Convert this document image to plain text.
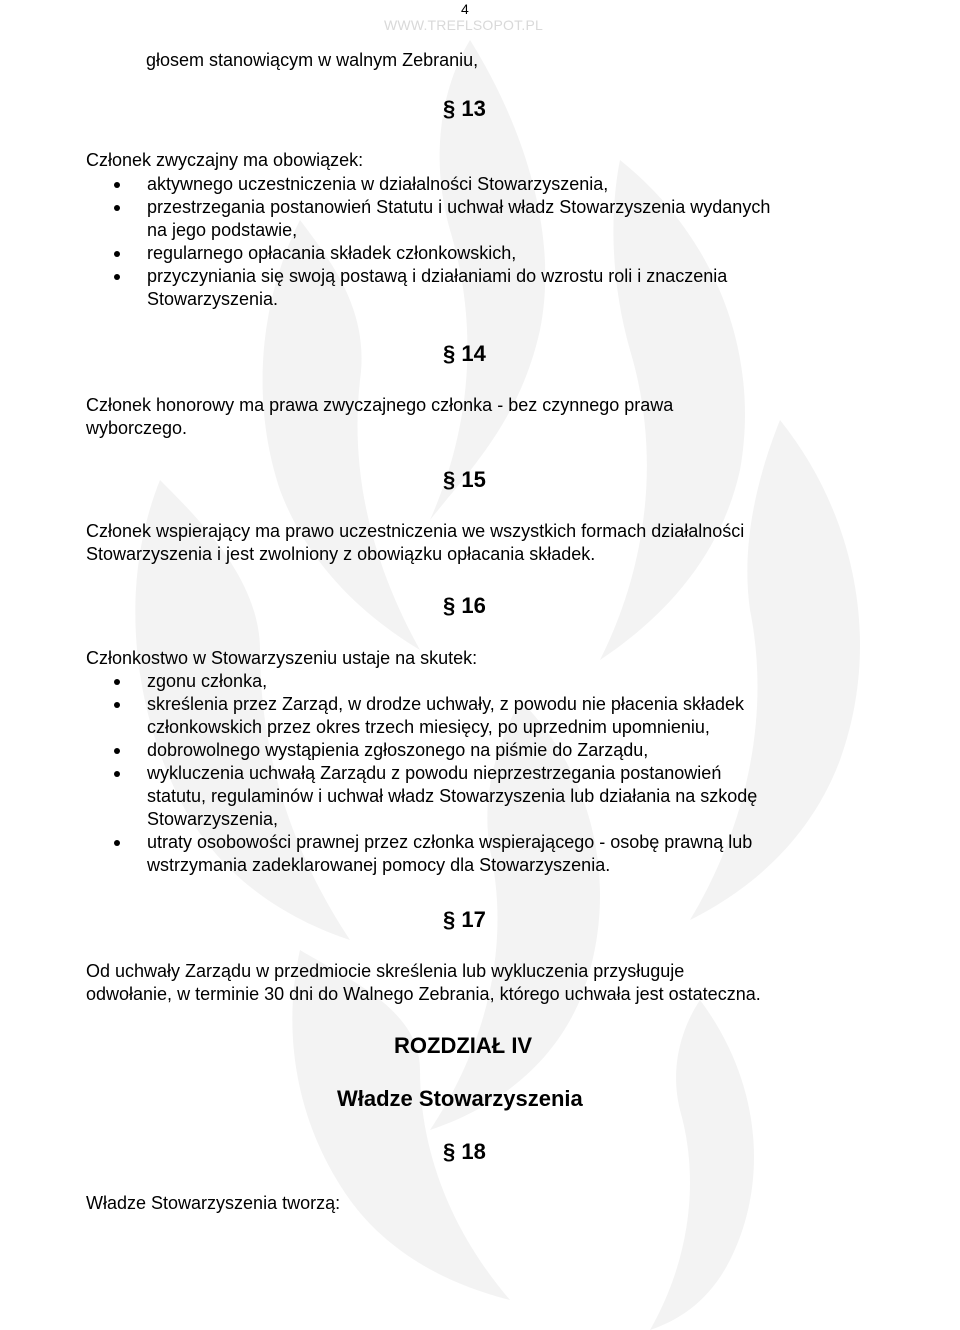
4
WWW.TREFLSOPOT.PL
głosem stanowiącym w walnym Zebraniu,
§ 13
Członek zwyczajny ma obowiązek:
aktywnego uczestniczenia w działalności Stowarzyszenia,
przestrzegania postanowień Statutu i uchwał władz Stowarzyszenia wydanych
na jego podstawie,
regularnego opłacania składek członkowskich,
przyczyniania się swoją postawą i działaniami do wzrostu roli i znaczenia
Stowarzyszenia.
§ 14
Członek honorowy ma prawa zwyczajnego członka - bez czynnego prawa
wyborczego.
§ 15
Członek wspierający ma prawo uczestniczenia we wszystkich formach działalności
Stowarzyszenia i jest zwolniony z obowiązku opłacania składek.
§ 16
Członkostwo w Stowarzyszeniu ustaje na skutek:
zgonu członka,
skreślenia przez Zarząd, w drodze uchwały, z powodu nie płacenia składek
członkowskich przez okres trzech miesięcy, po uprzednim upomnieniu,
dobrowolnego wystąpienia zgłoszonego na piśmie do Zarządu,
wykluczenia uchwałą Zarządu z powodu nieprzestrzegania postanowień
statutu, regulaminów i uchwał władz Stowarzyszenia lub działania na szkodę
Stowarzyszenia,
utraty osobowości prawnej przez członka wspierającego - osobę prawną lub
wstrzymania zadeklarowanej pomocy dla Stowarzyszenia.
§ 17
Od uchwały Zarządu w przedmiocie skreślenia lub wykluczenia przysługuje
odwołanie, w terminie 30 dni do Walnego Zebrania, którego uchwała jest ostateczna.
ROZDZIAŁ IV
Władze Stowarzyszenia
§ 18
Władze Stowarzyszenia tworzą:
